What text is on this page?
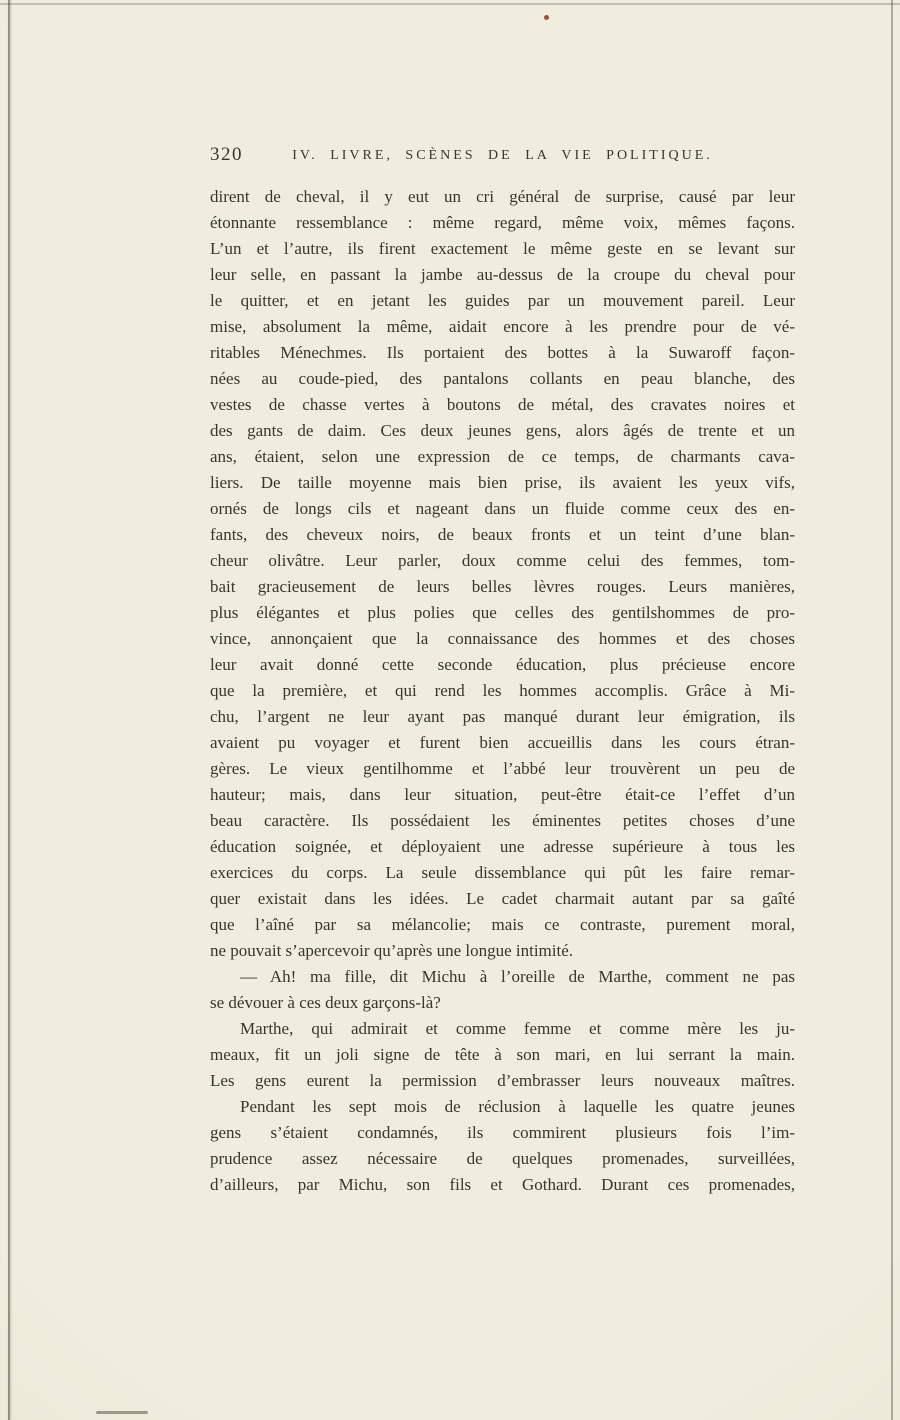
320	IV. LIVRE, SCÈNES DE LA VIE POLITIQUE.
dirent de cheval, il y eut un cri général de surprise, causé par leur
étonnante ressemblance : même regard, même voix, mêmes façons.
L’un et l’autre, ils firent exactement le même geste en se levant sur
leur selle, en passant la jambe au-dessus de la croupe du cheval pour
le quitter, et en jetant les guides par un mouvement pareil. Leur
mise, absolument la même, aidait encore à les prendre pour de vé-
ritables Ménechmes. Ils portaient des bottes à la Suwaroff façon-
nées au coude-pied, des pantalons collants en peau blanche, des
vestes de chasse vertes à boutons de métal, des cravates noires et
des gants de daim. Ces deux jeunes gens, alors âgés de trente et un
ans, étaient, selon une expression de ce temps, de charmants cava-
liers. De taille moyenne mais bien prise, ils avaient les yeux vifs,
ornés de longs cils et nageant dans un fluide comme ceux des en-
fants, des cheveux noirs, de beaux fronts et un teint d’une blan-
cheur olivâtre. Leur parler, doux comme celui des femmes, tom-
bait gracieusement de leurs belles lèvres rouges. Leurs manières,
plus élégantes et plus polies que celles des gentilshommes de pro-
vince, annonçaient que la connaissance des hommes et des choses
leur avait donné cette seconde éducation, plus précieuse encore
que la première, et qui rend les hommes accomplis. Grâce à Mi-
chu, l’argent ne leur ayant pas manqué durant leur émigration, ils
avaient pu voyager et furent bien accueillis dans les cours étran-
gères. Le vieux gentilhomme et l’abbé leur trouvèrent un peu de
hauteur; mais, dans leur situation, peut-être était-ce l’effet d’un
beau caractère. Ils possédaient les éminentes petites choses d’une
éducation soignée, et déployaient une adresse supérieure à tous les
exercices du corps. La seule dissemblance qui pût les faire remar-
quer existait dans les idées. Le cadet charmait autant par sa gaîté
que l’aîné par sa mélancolie; mais ce contraste, purement moral,
ne pouvait s’apercevoir qu’après une longue intimité.
— Ah! ma fille, dit Michu à l’oreille de Marthe, comment ne pas
se dévouer à ces deux garçons-là?
Marthe, qui admirait et comme femme et comme mère les ju-
meaux, fit un joli signe de tête à son mari, en lui serrant la main.
Les gens eurent la permission d’embrasser leurs nouveaux maîtres.
Pendant les sept mois de réclusion à laquelle les quatre jeunes
gens s’étaient condamnés, ils commirent plusieurs fois l’im-
prudence assez nécessaire de quelques promenades, surveillées,
d’ailleurs, par Michu, son fils et Gothard. Durant ces promenades,
